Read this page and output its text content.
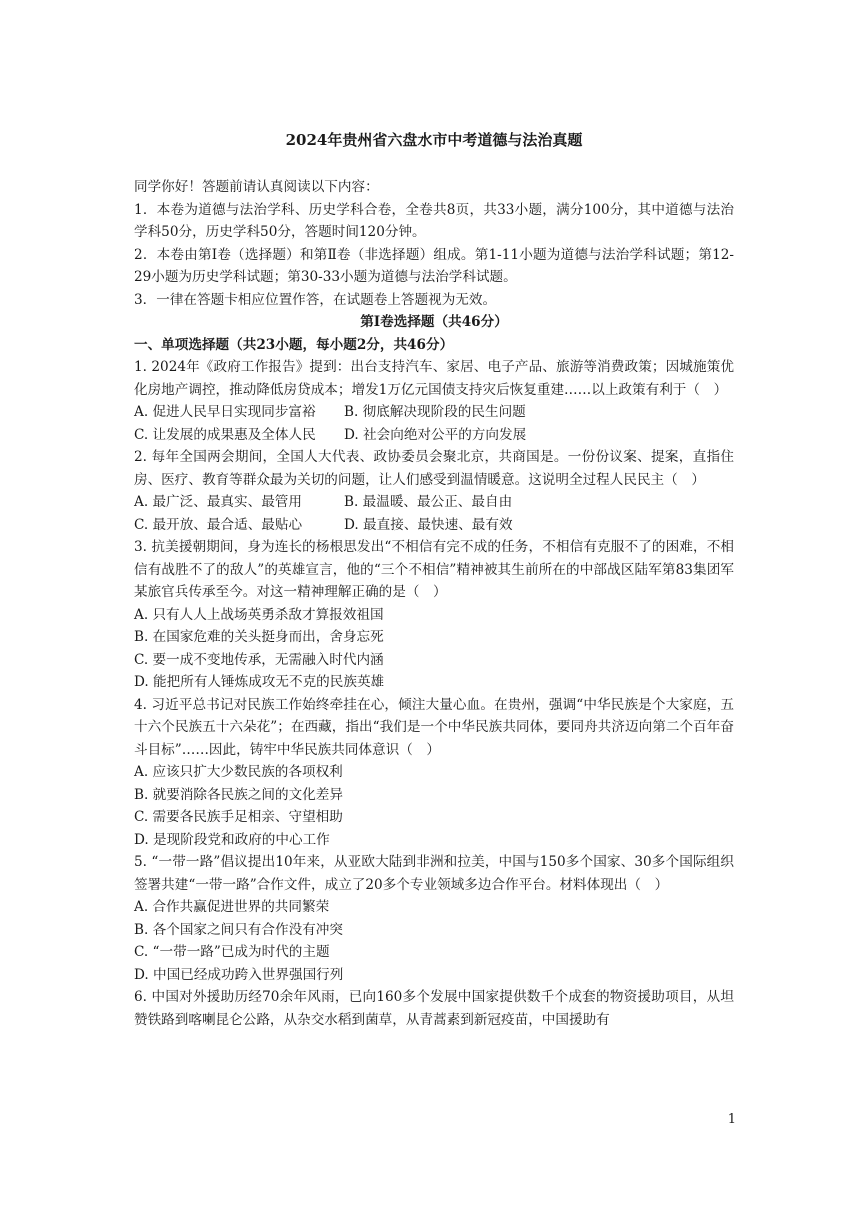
2024年贵州省六盘水市中考道德与法治真题

同学你好！答题前请认真阅读以下内容：

1．本卷为道德与法治学科、历史学科合卷，全卷共8页，共33小题，满分100分，其中道德与法治学科50分，历史学科50分，答题时间120分钟。

2．本卷由第Ⅰ卷（选择题）和第Ⅱ卷（非选择题）组成。第1-11小题为道德与法治学科试题；第12-29小题为历史学科试题；第30-33小题为道德与法治学科试题。

3．一律在答题卡相应位置作答，在试题卷上答题视为无效。

第Ⅰ卷选择题（共46分）

一、单项选择题（共23小题，每小题2分，共46分）

1. 2024年《政府工作报告》提到：出台支持汽车、家居、电子产品、旅游等消费政策；因城施策优化房地产调控，推动降低房贷成本；增发1万亿元国债支持灾后恢复重建……以上政策有利于（　）

A. 促进人民早日实现同步富裕	B. 彻底解决现阶段的民生问题
C. 让发展的成果惠及全体人民	D. 社会向绝对公平的方向发展

2. 每年全国两会期间，全国人大代表、政协委员会聚北京，共商国是。一份份议案、提案，直指住房、医疗、教育等群众最为关切的问题，让人们感受到温情暖意。这说明全过程人民民主（　）

A. 最广泛、最真实、最管用	B. 最温暖、最公正、最自由
C. 最开放、最合适、最贴心	D. 最直接、最快速、最有效

3. 抗美援朝期间，身为连长的杨根思发出“不相信有完不成的任务，不相信有克服不了的困难，不相信有战胜不了的敌人”的英雄宣言，他的“三个不相信”精神被其生前所在的中部战区陆军第83集团军某旅官兵传承至今。对这一精神理解正确的是（　）

A. 只有人人上战场英勇杀敌才算报效祖国

B. 在国家危难的关头挺身而出，舍身忘死

C. 要一成不变地传承，无需融入时代内涵

D. 能把所有人锤炼成攻无不克的民族英雄

4. 习近平总书记对民族工作始终牵挂在心，倾注大量心血。在贵州，强调“中华民族是个大家庭，五十六个民族五十六朵花”；在西藏，指出“我们是一个中华民族共同体，要同舟共济迈向第二个百年奋斗目标”……因此，铸牢中华民族共同体意识（　）

A. 应该只扩大少数民族的各项权利

B. 就要消除各民族之间的文化差异

C. 需要各民族手足相亲、守望相助

D. 是现阶段党和政府的中心工作

5. “一带一路”倡议提出10年来，从亚欧大陆到非洲和拉美，中国与150多个国家、30多个国际组织签署共建“一带一路”合作文件，成立了20多个专业领域多边合作平台。材料体现出（　）

A. 合作共赢促进世界的共同繁荣

B. 各个国家之间只有合作没有冲突

C. “一带一路”已成为时代的主题

D. 中国已经成功跨入世界强国行列

6. 中国对外援助历经70余年风雨，已向160多个发展中国家提供数千个成套的物资援助项目，从坦赞铁路到喀喇昆仑公路，从杂交水稻到菌草，从青蒿素到新冠疫苗，中国援助有

1
